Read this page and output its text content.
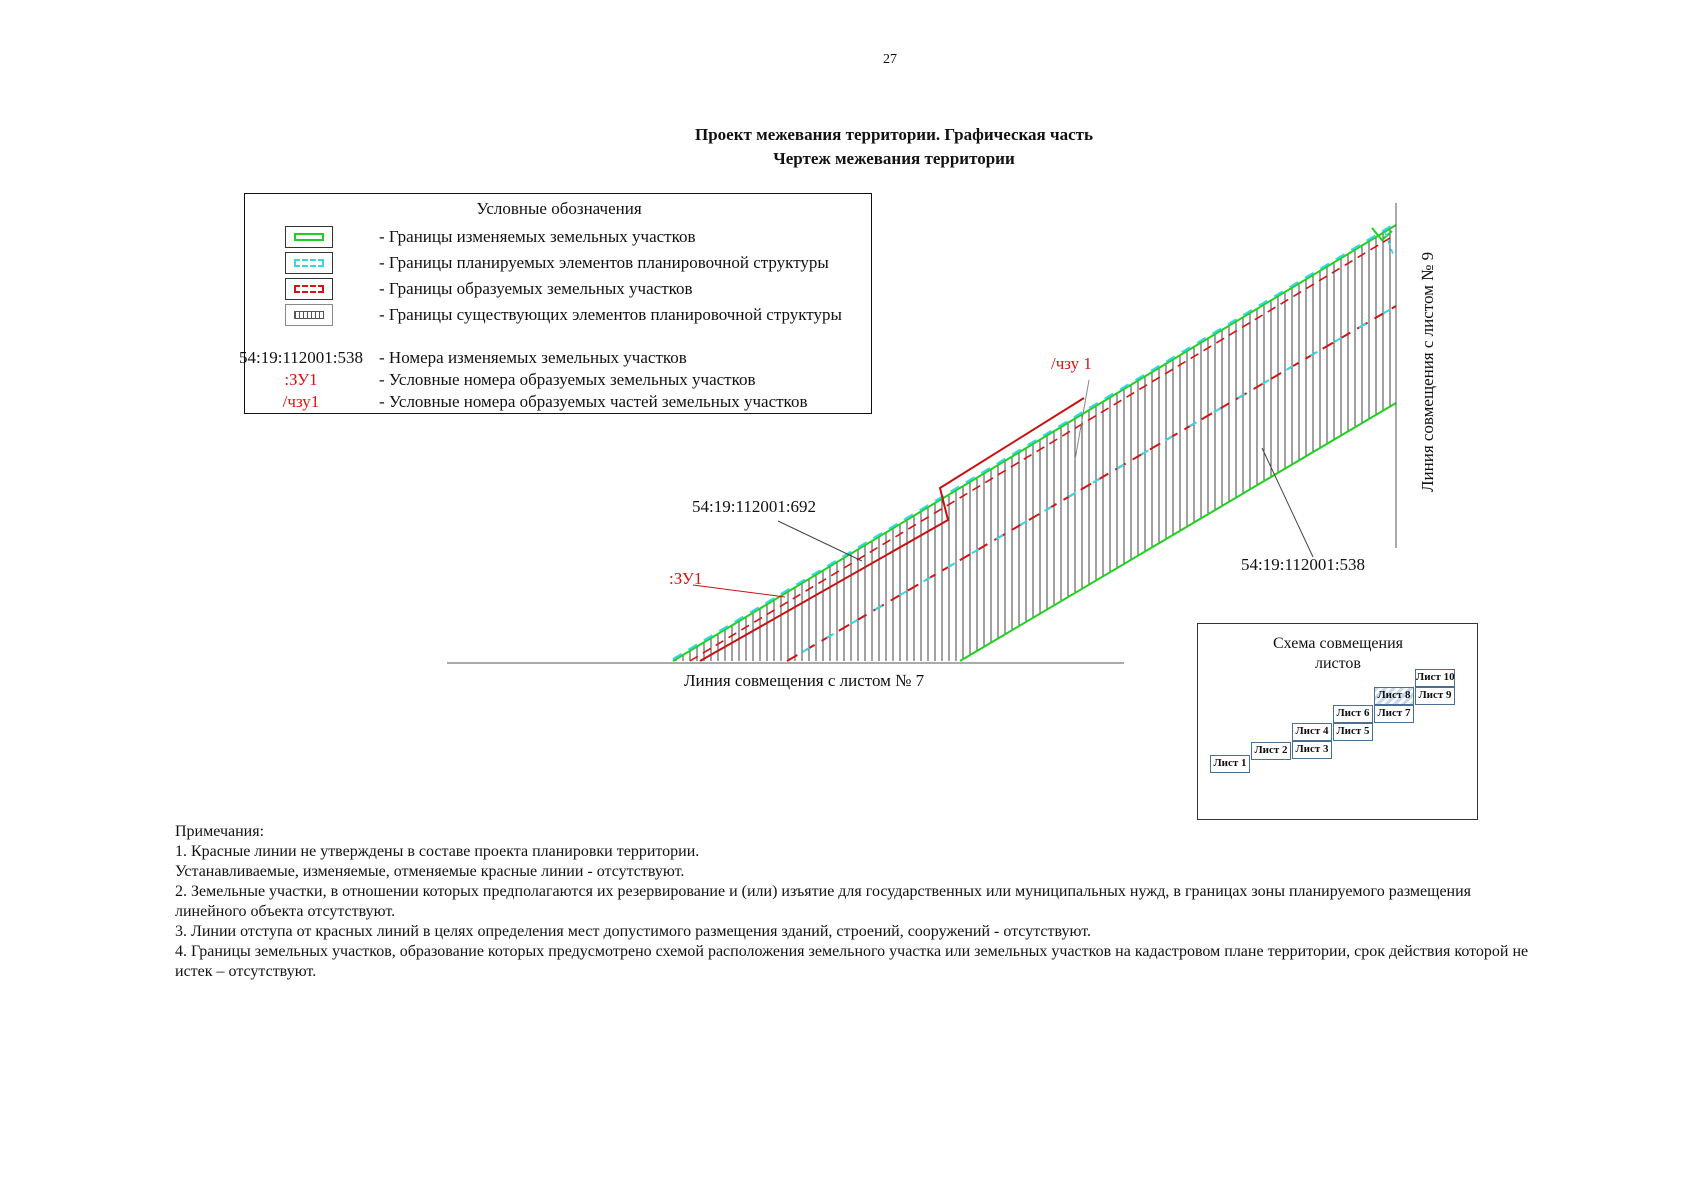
27
Проект межевания территории. Графическая часть
Чертеж межевания территории
Условные обозначения
- Границы изменяемых земельных участков
- Границы планируемых элементов планировочной структуры
- Границы образуемых земельных участков
- Границы существующих элементов планировочной структуры
54:19:112001:538 - Номера изменяемых земельных участков
:ЗУ1	- Условные номера образуемых земельных участков
/чзу1	- Условные номера образуемых частей земельных участков
/чзу 1
54:19:112001:692
:ЗУ1
54:19:112001:538
Линия совмещения с листом № 7
Линия совмещения с листом № 9
Схема совмещения
листов
Лист 1
Лист 2 Лист 3
Лист 4 Лист 5
Лист 6 Лист 7
Лист 8 Лист 9
Лист 10

Примечания:

1. Красные линии не утверждены в составе проекта планировки территории.

Устанавливаемые, изменяемые, отменяемые красные линии - отсутствуют.

2. Земельные участки, в отношении которых предполагаются их резервирование и (или) изъятие для государственных или муниципальных нужд, в границах зоны планируемого размещения линейного объекта отсутствуют.

3. Линии отступа от красных линий в целях определения мест допустимого размещения зданий, строений, сооружений - отсутствуют.

4. Границы земельных участков, образование которых предусмотрено схемой расположения земельного участка или земельных участков на кадастровом плане территории, срок действия которой не истек – отсутствуют.
